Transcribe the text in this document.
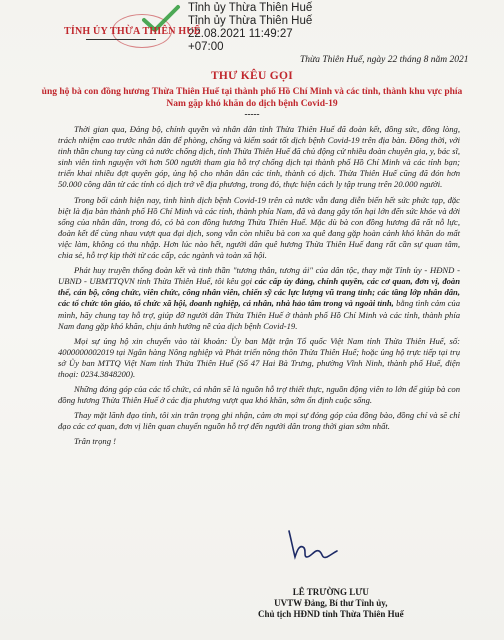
Tỉnh ủy Thừa Thiên Huế
Tỉnh ủy Thừa Thiên Huế
22.08.2021 11:49:27
+07:00
TỈNH ỦY THỪA THIÊN HUẾ
Thừa Thiên Huế, ngày 22 tháng 8 năm 2021
THƯ KÊU GỌI
ủng hộ bà con đồng hương Thừa Thiên Huế tại thành phố Hồ Chí Minh và các tỉnh, thành khu vực phía Nam gặp khó khăn do dịch bệnh Covid-19
-----

Thời gian qua, Đảng bộ, chính quyền và nhân dân tỉnh Thừa Thiên Huế đã đoàn kết, đồng sức, đồng lòng, trách nhiệm cao trước nhân dân để phòng, chống và kiểm soát tốt dịch bệnh Covid-19 trên địa bàn. Đồng thời, với tinh thần chung tay cùng cả nước chống dịch, tỉnh Thừa Thiên Huế đã chủ động cử nhiều đoàn chuyên gia, y, bác sĩ, sinh viên tình nguyện với hơn 500 người tham gia hỗ trợ chống dịch tại thành phố Hồ Chí Minh và các tỉnh bạn; triển khai nhiều đợt quyên góp, ủng hộ cho nhân dân các tỉnh, thành có dịch. Thừa Thiên Huế cũng đã đón hơn 50.000 công dân từ các tỉnh có dịch trở về địa phương, trong đó, thực hiện cách ly tập trung trên 20.000 người.

Trong bối cảnh hiện nay, tình hình dịch bệnh Covid-19 trên cả nước vẫn đang diễn biến hết sức phức tạp, đặc biệt là địa bàn thành phố Hồ Chí Minh và các tỉnh, thành phía Nam, đã và đang gây tổn hại lớn đến sức khỏe và đời sống của nhân dân, trong đó, có bà con đồng hương Thừa Thiên Huế. Mặc dù bà con đồng hương đã rất nỗ lực, đoàn kết để cùng nhau vượt qua đại dịch, song vẫn còn nhiều bà con xa quê đang gặp hoàn cảnh khó khăn do mất việc làm, không có thu nhập. Hơn lúc nào hết, người dân quê hương Thừa Thiên Huế đang rất cần sự quan tâm, chia sẻ, hỗ trợ kịp thời từ các cấp, các ngành và toàn xã hội.

Phát huy truyền thống đoàn kết và tinh thần "tương thân, tương ái" của dân tộc, thay mặt Tỉnh ủy - HĐND - UBND - UBMTTQVN tỉnh Thừa Thiên Huế, tôi kêu gọi các cấp ủy đảng, chính quyền, các cơ quan, đơn vị, đoàn thể, cán bộ, công chức, viên chức, công nhân viên, chiến sỹ các lực lượng vũ trang tỉnh; các tầng lớp nhân dân, các tổ chức tôn giáo, tổ chức xã hội, doanh nghiệp, cá nhân, nhà hảo tâm trong và ngoài tỉnh, bằng tình cảm của mình, hãy chung tay hỗ trợ, giúp đỡ người dân Thừa Thiên Huế ở thành phố Hồ Chí Minh và các tỉnh, thành phía Nam đang gặp khó khăn, chịu ảnh hưởng nề của dịch bệnh Covid-19.

Mọi sự ủng hộ xin chuyển vào tài khoản: Ủy ban Mặt trận Tổ quốc Việt Nam tỉnh Thừa Thiên Huế, số: 4000000002019 tại Ngân hàng Nông nghiệp và Phát triển nông thôn Thừa Thiên Huế; hoặc ủng hộ trực tiếp tại trụ sở Ủy ban MTTQ Việt Nam tỉnh Thừa Thiên Huế (Số 47 Hai Bà Trưng, phường Vĩnh Ninh, thành phố Huế, điện thoại: 0234.3848200).

Những đóng góp của các tổ chức, cá nhân sẽ là nguồn hỗ trợ thiết thực, nguồn động viên to lớn để giúp bà con đồng hương Thừa Thiên Huế ở các địa phương vượt qua khó khăn, sớm ổn định cuộc sống.

Thay mặt lãnh đạo tỉnh, tôi xin trân trọng ghi nhận, cảm ơn mọi sự đóng góp của đồng bào, đồng chí và sẽ chỉ đạo các cơ quan, đơn vị liên quan chuyển nguồn hỗ trợ đến người dân trong thời gian sớm nhất.

Trân trọng !

LÊ TRƯỜNG LƯU
UVTW Đảng, Bí thư Tỉnh ủy,
Chủ tịch HĐND tỉnh Thừa Thiên Huế
